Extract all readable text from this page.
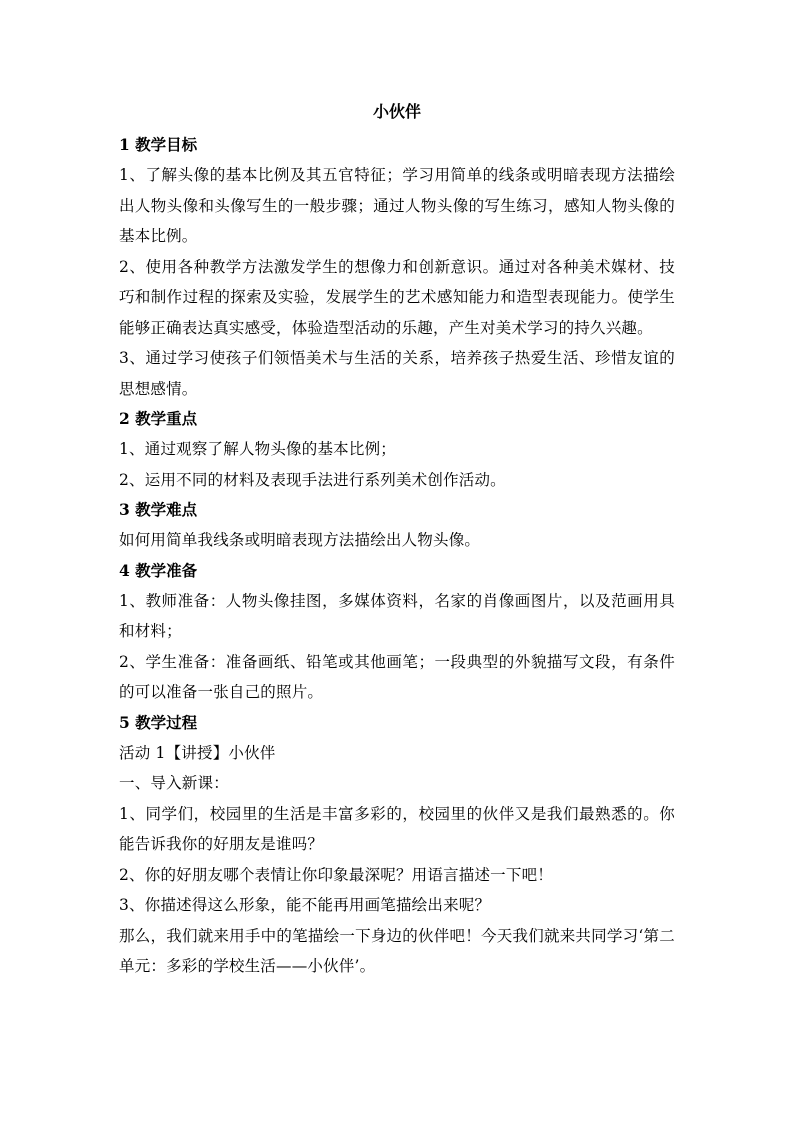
小伙伴

1 教学目标

1、了解头像的基本比例及其五官特征；学习用简单的线条或明暗表现方法描绘出人物头像和头像写生的一般步骤；通过人物头像的写生练习，感知人物头像的基本比例。

2、使用各种教学方法激发学生的想像力和创新意识。通过对各种美术媒材、技巧和制作过程的探索及实验，发展学生的艺术感知能力和造型表现能力。使学生能够正确表达真实感受，体验造型活动的乐趣，产生对美术学习的持久兴趣。

3、通过学习使孩子们领悟美术与生活的关系，培养孩子热爱生活、珍惜友谊的思想感情。

2 教学重点

1、通过观察了解人物头像的基本比例；

2、运用不同的材料及表现手法进行系列美术创作活动。

3 教学难点

如何用简单我线条或明暗表现方法描绘出人物头像。

4 教学准备

1、教师准备：人物头像挂图，多媒体资料，名家的肖像画图片，以及范画用具和材料；

2、学生准备：准备画纸、铅笔或其他画笔；一段典型的外貌描写文段，有条件的可以准备一张自己的照片。

5 教学过程

活动 1【讲授】小伙伴

一、导入新课：

1、同学们，校园里的生活是丰富多彩的，校园里的伙伴又是我们最熟悉的。你能告诉我你的好朋友是谁吗？

2、你的好朋友哪个表情让你印象最深呢？用语言描述一下吧！

3、你描述得这么形象，能不能再用画笔描绘出来呢？

那么，我们就来用手中的笔描绘一下身边的伙伴吧！今天我们就来共同学习‘第二单元：多彩的学校生活——小伙伴’。
